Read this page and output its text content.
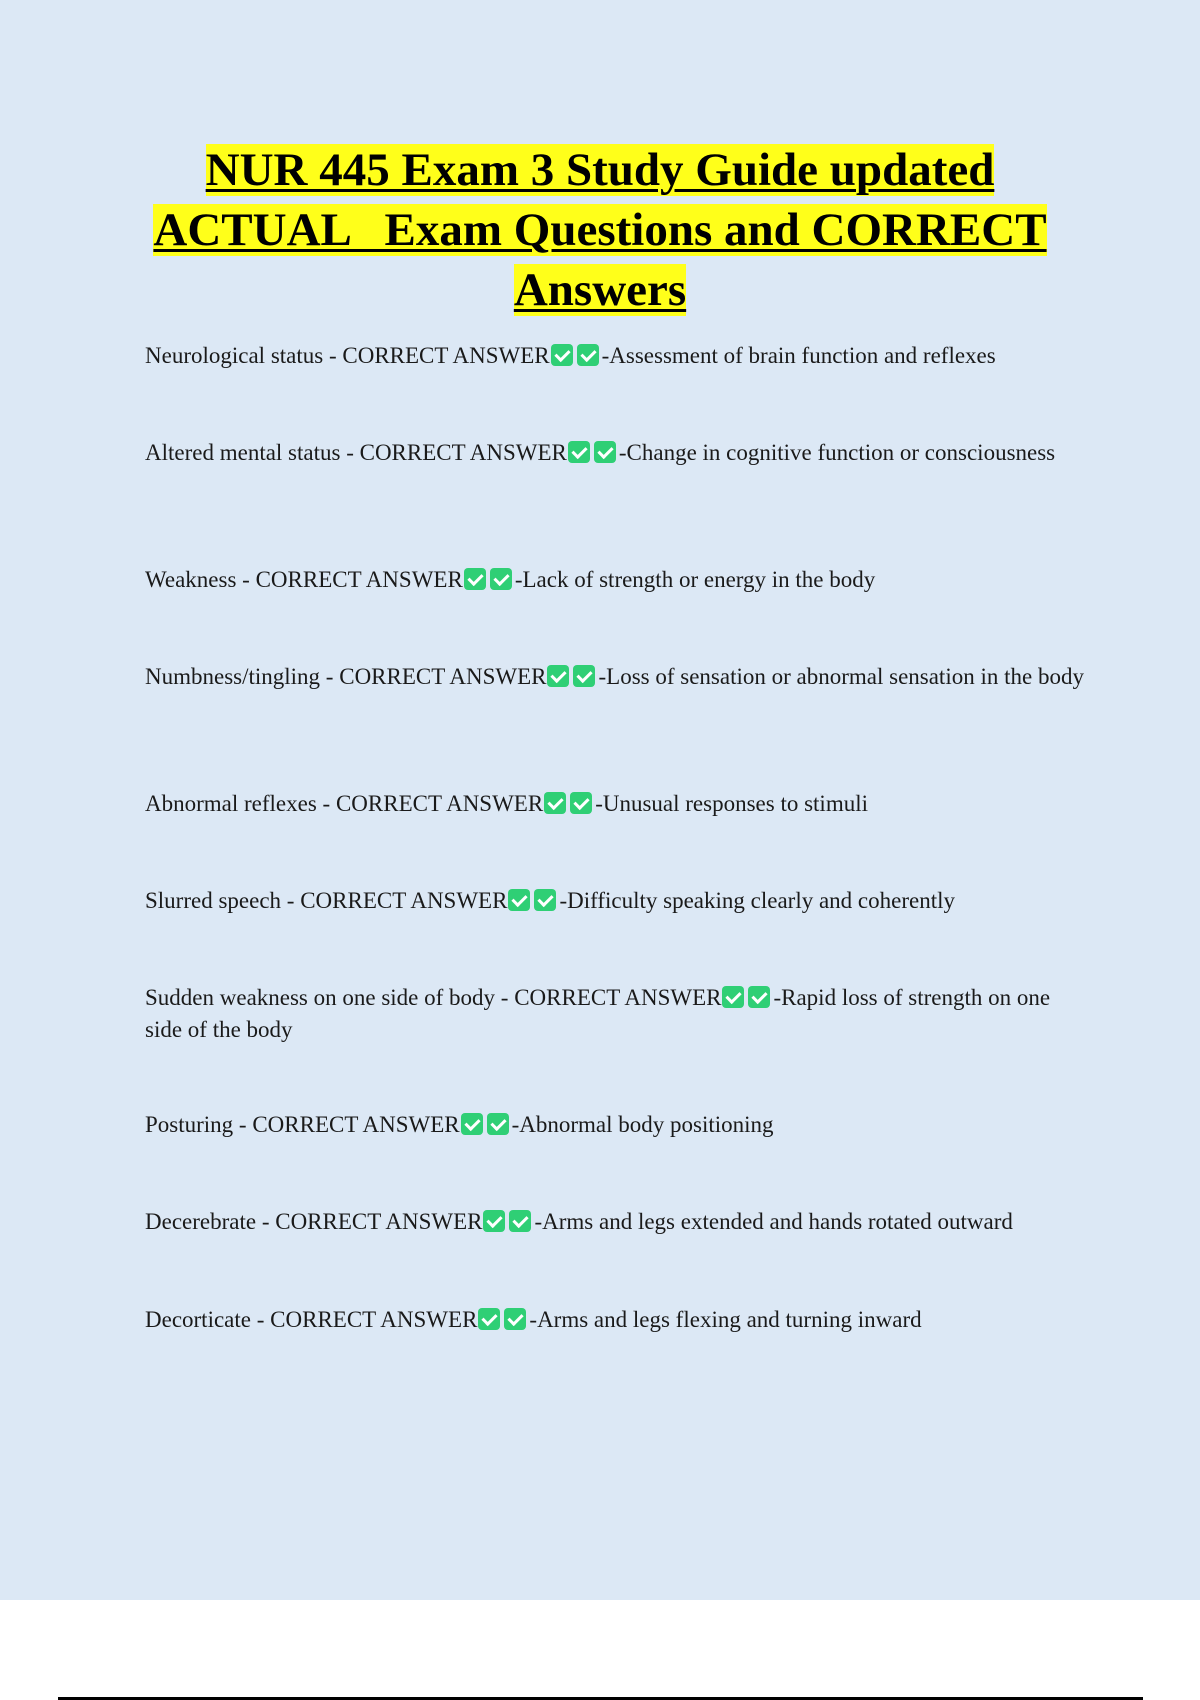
NUR 445 Exam 3 Study Guide updated
ACTUAL   Exam Questions and CORRECT
Answers
Neurological status - CORRECT ANSWER -Assessment of brain function and reflexes
Altered mental status - CORRECT ANSWER -Change in cognitive function or consciousness
Weakness - CORRECT ANSWER -Lack of strength or energy in the body
Numbness/tingling - CORRECT ANSWER -Loss of sensation or abnormal sensation in the body
Abnormal reflexes - CORRECT ANSWER -Unusual responses to stimuli
Slurred speech - CORRECT ANSWER -Difficulty speaking clearly and coherently
Sudden weakness on one side of body - CORRECT ANSWER -Rapid loss of strength on one side of the body
Posturing - CORRECT ANSWER -Abnormal body positioning
Decerebrate - CORRECT ANSWER -Arms and legs extended and hands rotated outward
Decorticate - CORRECT ANSWER -Arms and legs flexing and turning inward
